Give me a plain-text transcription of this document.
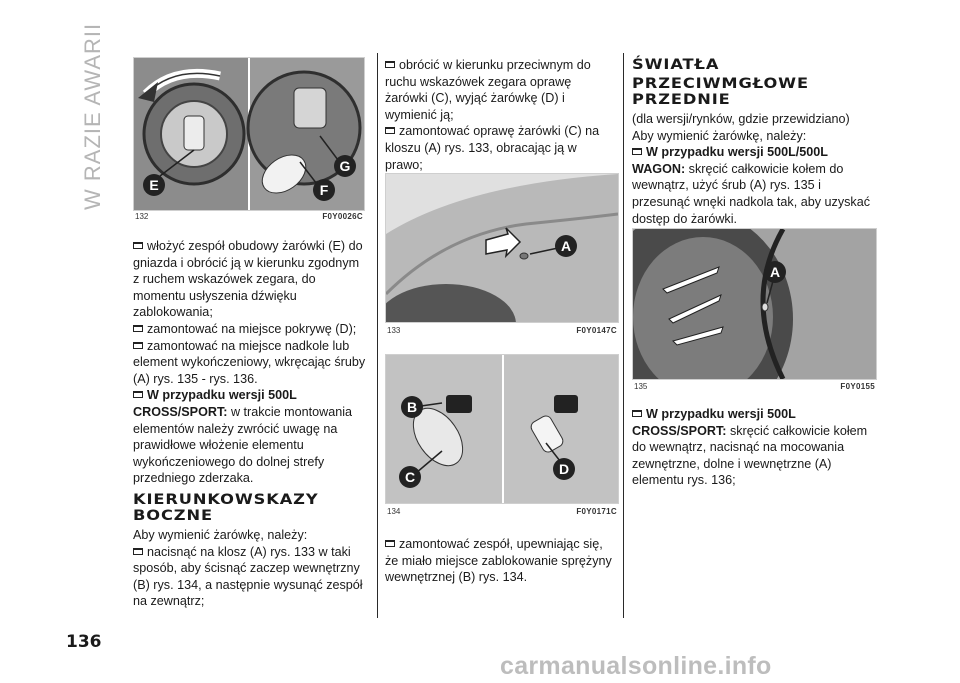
W RAZIE AWARII	E	F
G
132	F0Y0026C

włożyć zespół obudowy żarówki (E) do gniazda i obrócić ją w kierunku zgodnym z ruchem wskazówek zegara, do momentu usłyszenia dźwięku zablokowania;

zamontować na miejsce pokrywę (D);

zamontować na miejsce nadkole lub element wykończeniowy, wkręcając śruby (A) rys. 135 - rys. 136.

W przypadku wersji 500L CROSS/SPORT: w trakcie montowania elementów należy zwrócić uwagę na prawidłowe włożenie elementu wykończeniowego do dolnej strefy przedniego zderzaka.

KIERUNKOWSKAZY BOCZNE

Aby wymienić żarówkę, należy:

nacisnąć na klosz (A) rys. 133 w taki sposób, aby ścisnąć zaczep wewnętrzny (B) rys. 134, a następnie wysunąć zespół na zewnątrz;

obrócić w kierunku przeciwnym do ruchu wskazówek zegara oprawę żarówki (C), wyjąć żarówkę (D) i wymienić ją;

zamontować oprawę żarówki (C) na kloszu (A) rys. 133, obracając ją w prawo;

A
133	F0Y0147C
B
C	D
134	F0Y0171C

zamontować zespół, upewniając się, że miało miejsce zablokowanie sprężyny wewnętrznej (B) rys. 134.

ŚWIATŁA
PRZECIWMGŁOWE
PRZEDNIE

(dla wersji/rynków, gdzie przewidziano)

Aby wymienić żarówkę, należy:

W przypadku wersji 500L/500L WAGON: skręcić całkowicie kołem do wewnątrz, użyć śrub (A) rys. 135 i przesunąć wnęki nadkola tak, aby uzyskać dostęp do żarówki.

A
135	F0Y0155

W przypadku wersji 500L CROSS/SPORT: skręcić całkowicie kołem do wewnątrz, nacisnąć na mocowania zewnętrzne, dolne i wewnętrzne (A) elementu rys. 136;

136
carmanualsonline.info
